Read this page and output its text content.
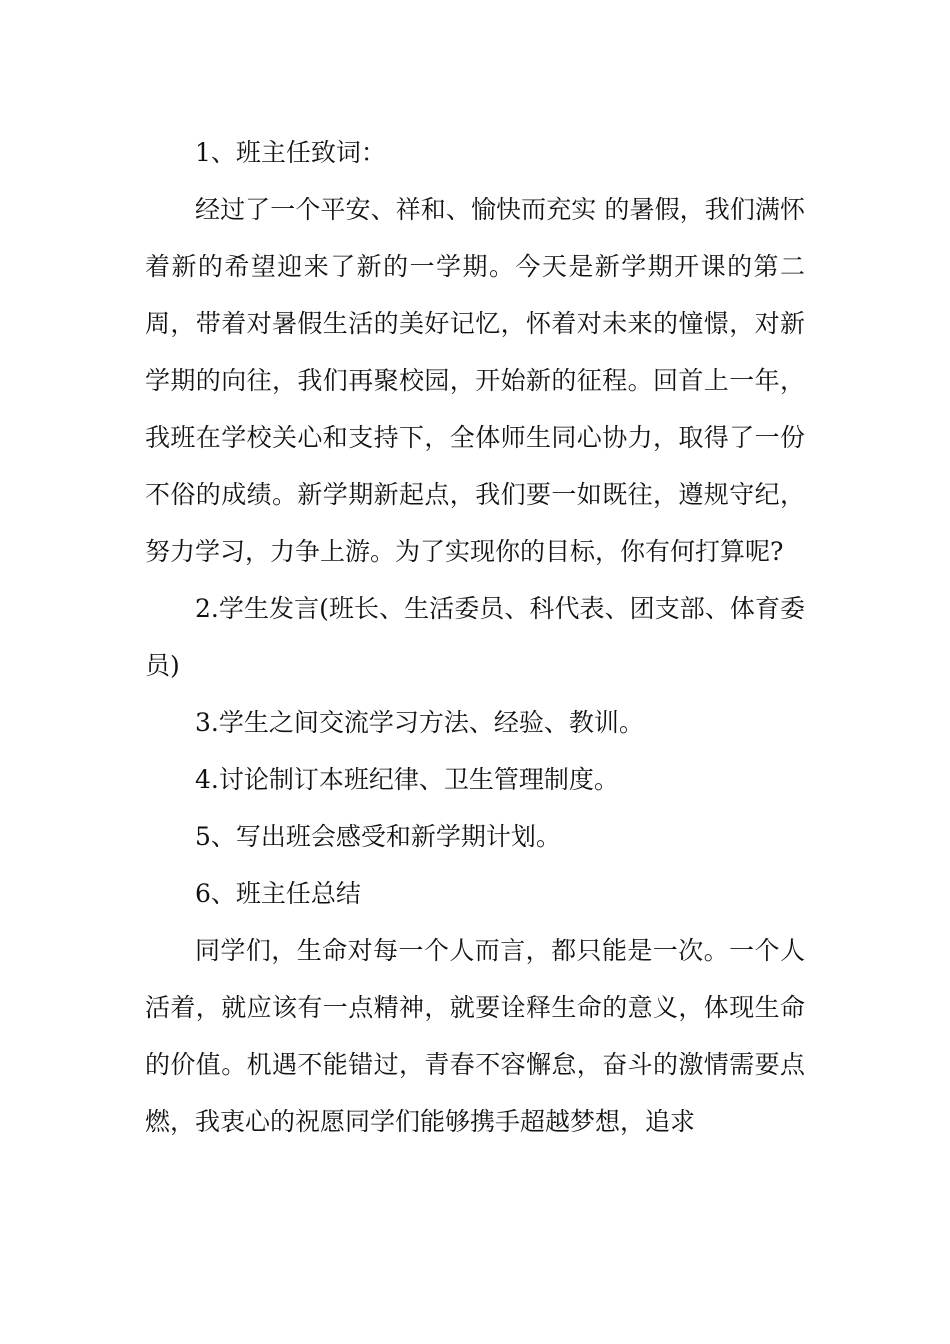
1、班主任致词：

经过了一个平安、祥和、愉快而充实 的暑假，我们满怀着新的希望迎来了新的一学期。今天是新学期开课的第二周，带着对暑假生活的美好记忆，怀着对未来的憧憬，对新学期的向往，我们再聚校园，开始新的征程。回首上一年，我班在学校关心和支持下，全体师生同心协力，取得了一份不俗的成绩。新学期新起点，我们要一如既往，遵规守纪，努力学习，力争上游。为了实现你的目标，你有何打算呢?

2.学生发言(班长、生活委员、科代表、团支部、体育委员)

3.学生之间交流学习方法、经验、教训。

4.讨论制订本班纪律、卫生管理制度。

5、写出班会感受和新学期计划。

6、班主任总结

同学们，生命对每一个人而言，都只能是一次。一个人活着，就应该有一点精神，就要诠释生命的意义，体现生命的价值。机遇不能错过，青春不容懈怠，奋斗的激情需要点燃，我衷心的祝愿同学们能够携手超越梦想，追求
